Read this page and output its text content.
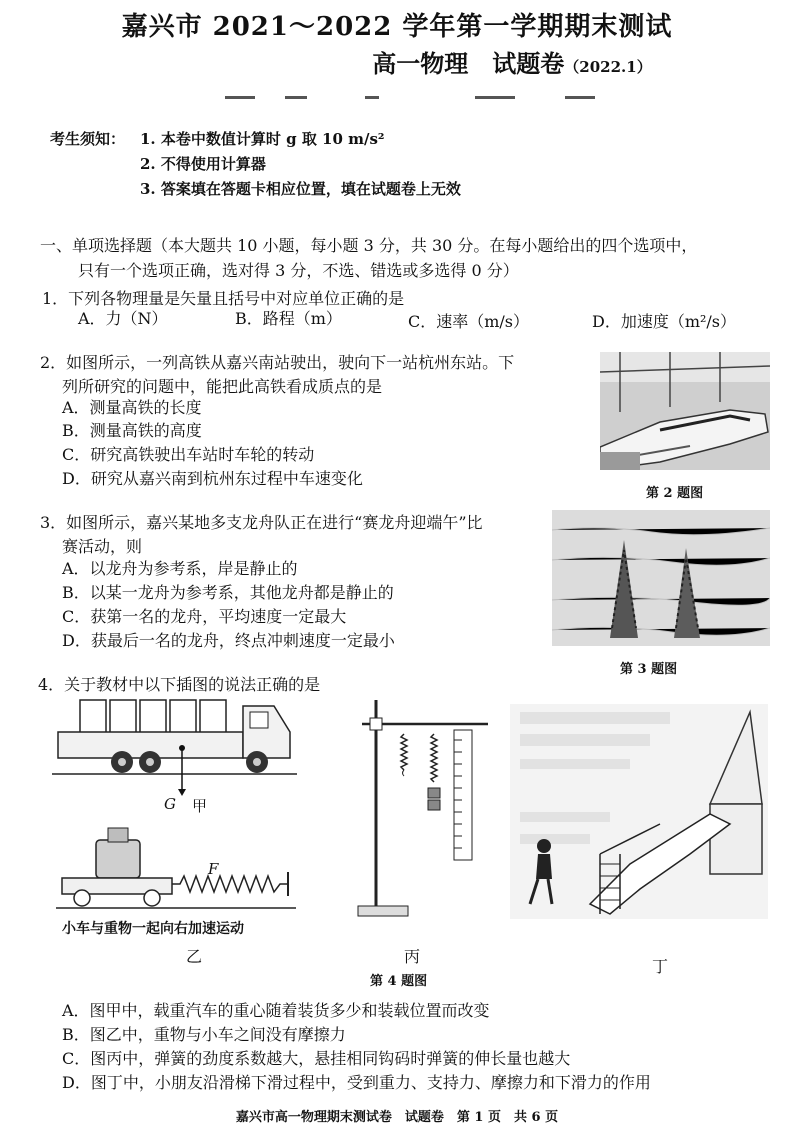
嘉兴市 2021～2022 学年第一学期期末测试
高一物理　试题卷（2022.1）
考生须知： 1. 本卷中数值计算时 g 取 10 m/s²
2. 不得使用计算器
3. 答案填在答题卡相应位置，填在试题卷上无效
一、单项选择题（本大题共 10 小题，每小题 3 分，共 30 分。在每小题给出的四个选项中，
只有一个选项正确，选对得 3 分，不选、错选或多选得 0 分）
1．下列各物理量是矢量且括号中对应单位正确的是
A．力（N）	B．路程（m）	C．速率（m/s）	D．加速度（m²/s）
2．如图所示，一列高铁从嘉兴南站驶出，驶向下一站杭州东站。下
列所研究的问题中，能把此高铁看成质点的是
A．测量高铁的长度
B．测量高铁的高度
C．研究高铁驶出车站时车轮的转动
D．研究从嘉兴南到杭州东过程中车速变化
第 2 题图
3．如图所示，嘉兴某地多支龙舟队正在进行“赛龙舟迎端午”比
赛活动，则
A．以龙舟为参考系，岸是静止的
B．以某一龙舟为参考系，其他龙舟都是静止的
C．获第一名的龙舟，平均速度一定最大
D．获最后一名的龙舟，终点冲刺速度一定最小
第 3 题图
4．关于教材中以下插图的说法正确的是
G 甲
F
小车与重物一起向右加速运动
乙	丙
丁
第 4 题图
A．图甲中，载重汽车的重心随着装货多少和装载位置而改变
B．图乙中，重物与小车之间没有摩擦力
C．图丙中，弹簧的劲度系数越大，悬挂相同钩码时弹簧的伸长量也越大
D．图丁中，小朋友沿滑梯下滑过程中，受到重力、支持力、摩擦力和下滑力的作用
嘉兴市高一物理期末测试卷　试题卷　第 1 页　共 6 页
